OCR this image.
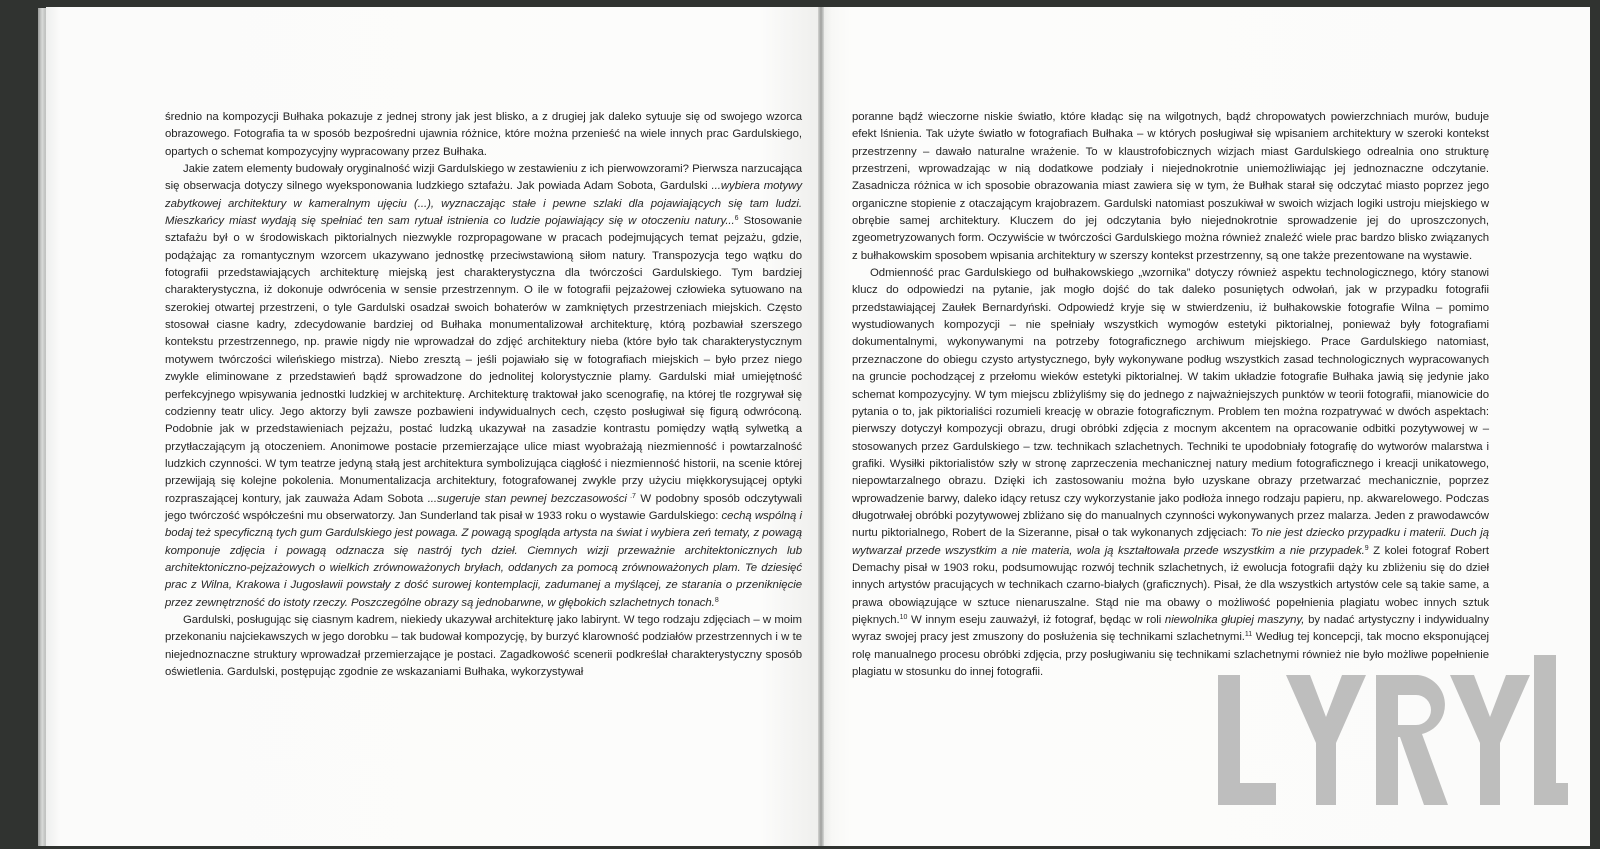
średnio na kompozycji Bułhaka pokazuje z jednej strony jak jest blisko, a z drugiej jak daleko sytuuje się od swojego wzorca obrazowego. Fotografia ta w sposób bezpośredni ujawnia różnice, które można przenieść na wiele innych prac Gardulskiego, opartych o schemat kompozycyjny wypracowany przez Bułhaka.

Jakie zatem elementy budowały oryginalność wizji Gardulskiego w zestawieniu z ich pierwowzorami? Pierwsza narzucająca się obserwacja dotyczy silnego wyeksponowania ludzkiego sztafażu. Jak powiada Adam Sobota, Gardulski ...wybiera motywy zabytkowej architektury w kameralnym ujęciu (...), wyznaczając stałe i pewne szlaki dla pojawiających się tam ludzi. Mieszkańcy miast wydają się spełniać ten sam rytuał istnienia co ludzie pojawiający się w otoczeniu natury...$^6$ Stosowanie sztafażu był o w środowiskach piktorialnych niezwykle rozpropagowane w pracach podejmujących temat pejzażu, gdzie, podążając za romantycznym wzorcem ukazywano jednostkę przeciwstawioną siłom natury. Transpozycja tego wątku do fotografii przedstawiających architekturę miejską jest charakterystyczna dla twórczości Gardulskiego. Tym bardziej charakterystyczna, iż dokonuje odwrócenia w sensie przestrzennym. O ile w fotografii pejzażowej człowieka sytuowano na szerokiej otwartej przestrzeni, o tyle Gardulski osadzał swoich bohaterów w zamkniętych przestrzeniach miejskich. Często stosował ciasne kadry, zdecydowanie bardziej od Bułhaka monumentalizował architekturę, którą pozbawiał szerszego kontekstu przestrzennego, np. prawie nigdy nie wprowadzał do zdjęć architektury nieba (które było tak charakterystycznym motywem twórczości wileńskiego mistrza). Niebo zresztą – jeśli pojawiało się w fotografiach miejskich – było przez niego zwykle eliminowane z przedstawień bądź sprowadzone do jednolitej kolorystycznie plamy. Gardulski miał umiejętność perfekcyjnego wpisywania jednostki ludzkiej w architekturę. Architekturę traktował jako scenografię, na której tle rozgrywał się codzienny teatr ulicy. Jego aktorzy byli zawsze pozbawieni indywidualnych cech, często posługiwał się figurą odwróconą. Podobnie jak w przedstawieniach pejzażu, postać ludzką ukazywał na zasadzie kontrastu pomiędzy wątłą sylwetką a przytłaczającym ją otoczeniem. Anonimowe postacie przemierzające ulice miast wyobrażają niezmienność i powtarzalność ludzkich czynności. W tym teatrze jedyną stałą jest architektura symbolizująca ciągłość i niezmienność historii, na scenie której przewijają się kolejne pokolenia. Monumentalizacja architektury, fotografowanej zwykle przy użyciu miękkorysującej optyki rozpraszającej kontury, jak zauważa Adam Sobota ...sugeruje stan pewnej bezczasowości $^{.7}$ W podobny sposób odczytywali jego twórczość współcześni mu obserwatorzy. Jan Sunderland tak pisał w 1933 roku o wystawie Gardulskiego: cechą wspólną i bodaj też specyficzną tych gum Gardulskiego jest powaga. Z powagą spogląda artysta na świat i wybiera zeń tematy, z powagą komponuje zdjęcia i powagą odznacza się nastrój tych dzieł. Ciemnych wizji przeważnie architektonicznych lub architektoniczno-pejzażowych o wielkich zrównoważonych bryłach, oddanych za pomocą zrównoważonych plam. Te dziesięć prac z Wilna, Krakowa i Jugosławii powstały z dość surowej kontemplacji, zadumanej a myślącej, ze starania o przeniknięcie przez zewnętrzność do istoty rzeczy. Poszczególne obrazy są jednobarwne, w głębokich szlachetnych tonach.$^8$

Gardulski, posługując się ciasnym kadrem, niekiedy ukazywał architekturę jako labirynt. W tego rodzaju zdjęciach – w moim przekonaniu najciekawszych w jego dorobku – tak budował kompozycję, by burzyć klarowność podziałów przestrzennych i w te niejednoznaczne struktury wprowadzał przemierzające je postaci. Zagadkowość scenerii podkreślał charakterystyczny sposób oświetlenia. Gardulski, postępując zgodnie ze wskazaniami Bułhaka, wykorzystywał

poranne bądź wieczorne niskie światło, które kładąc się na wilgotnych, bądź chropowatych powierzchniach murów, buduje efekt lśnienia. Tak użyte światło w fotografiach Bułhaka – w których posługiwał się wpisaniem architektury w szeroki kontekst przestrzenny – dawało naturalne wrażenie. To w klaustrofobicznych wizjach miast Gardulskiego odrealnia ono strukturę przestrzeni, wprowadzając w nią dodatkowe podziały i niejednokrotnie uniemożliwiając jej jednoznaczne odczytanie. Zasadnicza różnica w ich sposobie obrazowania miast zawiera się w tym, że Bułhak starał się odczytać miasto poprzez jego organiczne stopienie z otaczającym krajobrazem. Gardulski natomiast poszukiwał w swoich wizjach logiki ustroju miejskiego w obrębie samej architektury. Kluczem do jej odczytania było niejednokrotnie sprowadzenie jej do uproszczonych, zgeometryzowanych form. Oczywiście w twórczości Gardulskiego można również znaleźć wiele prac bardzo blisko związanych z bułhakowskim sposobem wpisania architektury w szerszy kontekst przestrzenny, są one także prezentowane na wystawie.

Odmienność prac Gardulskiego od bułhakowskiego „wzornika” dotyczy również aspektu technologicznego, który stanowi klucz do odpowiedzi na pytanie, jak mogło dojść do tak daleko posuniętych odwołań, jak w przypadku fotografii przedstawiającej Zaułek Bernardyński. Odpowiedź kryje się w stwierdzeniu, iż bułhakowskie fotografie Wilna – pomimo wystudiowanych kompozycji – nie spełniały wszystkich wymogów estetyki piktorialnej, ponieważ były fotografiami dokumentalnymi, wykonywanymi na potrzeby fotograficznego archiwum miejskiego. Prace Gardulskiego natomiast, przeznaczone do obiegu czysto artystycznego, były wykonywane podług wszystkich zasad technologicznych wypracowanych na gruncie pochodzącej z przełomu wieków estetyki piktorialnej. W takim układzie fotografie Bułhaka jawią się jedynie jako schemat kompozycyjny. W tym miejscu zbliżyliśmy się do jednego z najważniejszych punktów w teorii fotografii, mianowicie do pytania o to, jak piktorialiści rozumieli kreację w obrazie fotograficznym. Problem ten można rozpatrywać w dwóch aspektach: pierwszy dotyczył kompozycji obrazu, drugi obróbki zdjęcia z mocnym akcentem na opracowanie odbitki pozytywowej w – stosowanych przez Gardulskiego – tzw. technikach szlachetnych. Techniki te upodobniały fotografię do wytworów malarstwa i grafiki. Wysiłki piktorialistów szły w stronę zaprzeczenia mechanicznej natury medium fotograficznego i kreacji unikatowego, niepowtarzalnego obrazu. Dzięki ich zastosowaniu można było uzyskane obrazy przetwarzać mechanicznie, poprzez wprowadzenie barwy, daleko idący retusz czy wykorzystanie jako podłoża innego rodzaju papieru, np. akwarelowego. Podczas długotrwałej obróbki pozytywowej zbliżano się do manualnych czynności wykonywanych przez malarza. Jeden z prawodawców nurtu piktorialnego, Robert de la Sizeranne, pisał o tak wykonanych zdjęciach: To nie jest dziecko przypadku i materii. Duch ją wytwarzał przede wszystkim a nie materia, wola ją kształtowała przede wszystkim a nie przypadek.$^9$ Z kolei fotograf Robert Demachy pisał w 1903 roku, podsumowując rozwój technik szlachetnych, iż ewolucja fotografii dąży ku zbliżeniu się do dzieł innych artystów pracujących w technikach czarno-białych (graficznych). Pisał, że dla wszystkich artystów cele są takie same, a prawa obowiązujące w sztuce nienaruszalne. Stąd nie ma obawy o możliwość popełnienia plagiatu wobec innych sztuk pięknych.$^{10}$ W innym eseju zauważył, iż fotograf, będąc w roli niewolnika głupiej maszyny, by nadać artystyczny i indywidualny wyraz swojej pracy jest zmuszony do posłużenia się technikami szlachetnymi.$^{11}$ Według tej koncepcji, tak mocno eksponującej rolę manualnego procesu obróbki zdjęcia, przy posługiwaniu się technikami szlachetnymi również nie było możliwe popełnienie plagiatu w stosunku do innej fotografii.
